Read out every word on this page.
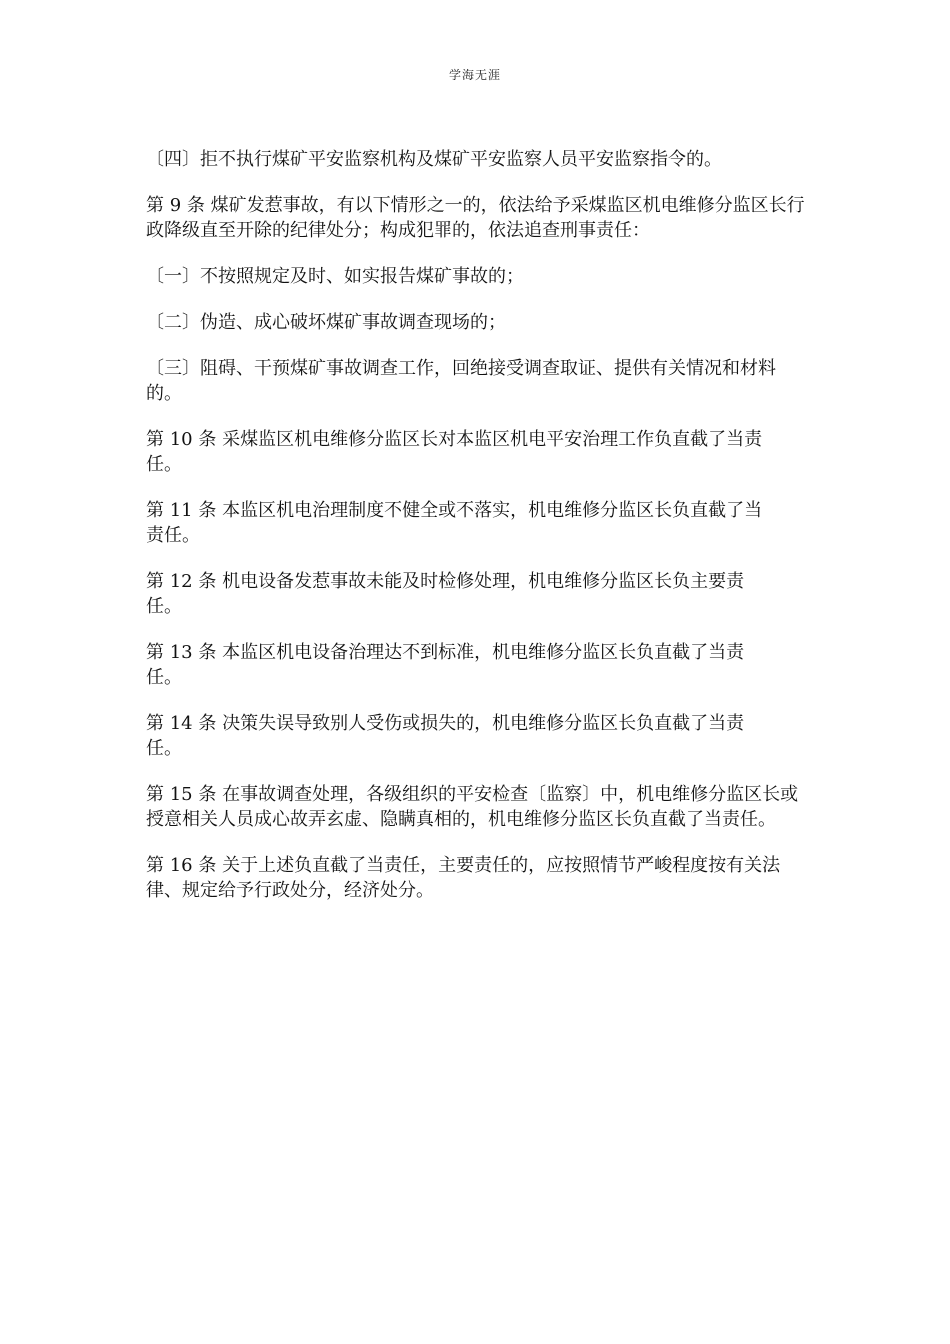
学海无涯

〔四〕拒不执行煤矿平安监察机构及煤矿平安监察人员平安监察指令的。

第 9 条 煤矿发惹事故，有以下情形之一的，依法给予采煤监区机电维修分监区长行政降级直至开除的纪律处分；构成犯罪的，依法追查刑事责任：

〔一〕不按照规定及时、如实报告煤矿事故的；

〔二〕伪造、成心破坏煤矿事故调查现场的；

〔三〕阻碍、干预煤矿事故调查工作，回绝接受调查取证、提供有关情况和材料的。

第 10 条 采煤监区机电维修分监区长对本监区机电平安治理工作负直截了当责任。

第 11 条 本监区机电治理制度不健全或不落实，机电维修分监区长负直截了当责任。

第 12 条 机电设备发惹事故未能及时检修处理，机电维修分监区长负主要责任。

第 13 条 本监区机电设备治理达不到标准，机电维修分监区长负直截了当责任。

第 14 条 决策失误导致别人受伤或损失的，机电维修分监区长负直截了当责任。

第 15 条 在事故调查处理，各级组织的平安检查〔监察〕中，机电维修分监区长或授意相关人员成心故弄玄虚、隐瞒真相的，机电维修分监区长负直截了当责任。

第 16 条 关于上述负直截了当责任，主要责任的，应按照情节严峻程度按有关法律、规定给予行政处分，经济处分。
